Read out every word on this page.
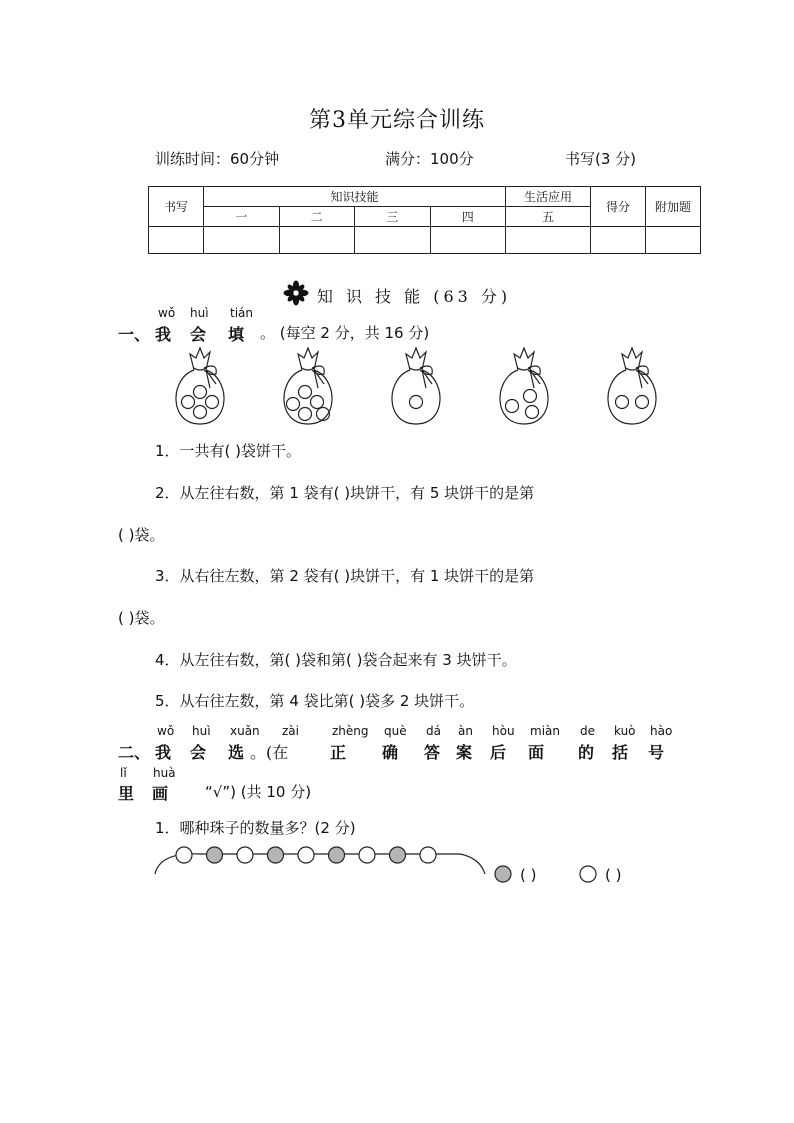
第3单元综合训练
训练时间：60分钟	满分：100分	书写(3 分)
书写	知识技能				生活应用	得分	附加题
	一	二	三	四	五		

知 识 技 能 (63 分)
一、
wǒ huì tián
我 会 填 。 (每空 2 分，共 16 分)
1．一共有( )袋饼干。
2．从左往右数，第 1 袋有( )块饼干，有 5 块饼干的是第
( )袋。
3．从右往左数，第 2 袋有( )块饼干，有 1 块饼干的是第
( )袋。
4．从左往右数，第( )袋和第( )袋合起来有 3 块饼干。
5．从右往左数，第 4 袋比第( )袋多 2 块饼干。
二、
wǒ huì xuǎn zài	zhèng què dá àn hòu miàn de kuò hào
我 会 选 。(在	正 确 答 案 后 面 的 括 号
lǐ huà
里 画 “√”) (共 10 分)
1．哪种珠子的数量多？(2 分)
( )	( )
